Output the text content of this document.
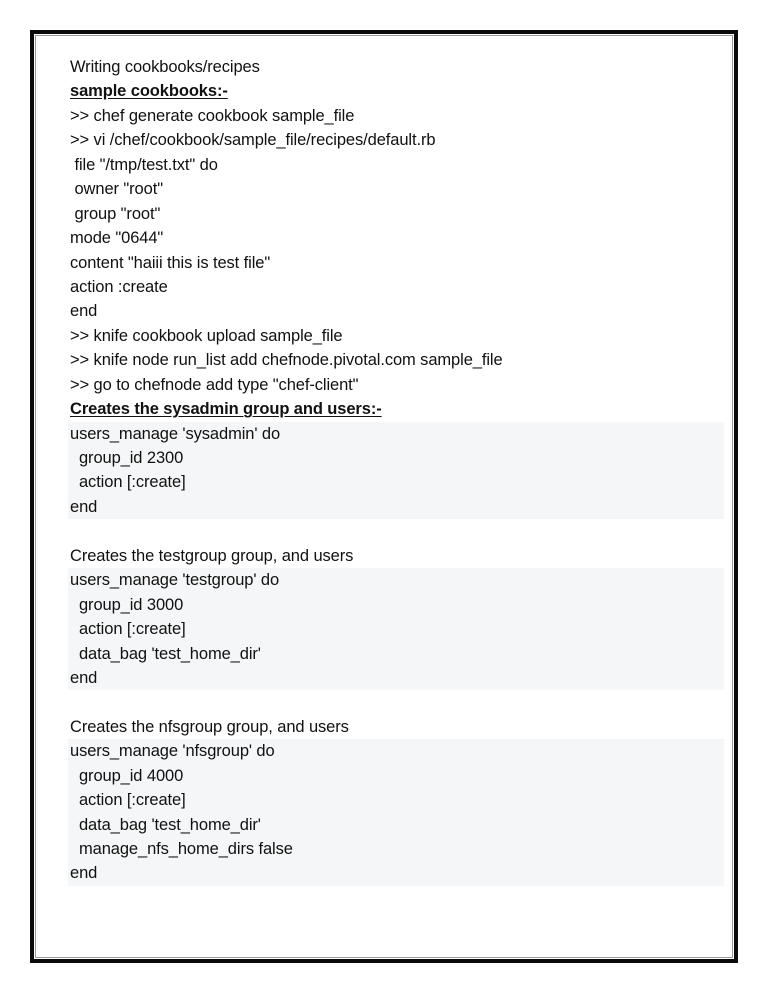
Writing cookbooks/recipes
sample cookbooks:-
>> chef generate cookbook sample_file
>> vi /chef/cookbook/sample_file/recipes/default.rb
file "/tmp/test.txt" do
owner "root"
group "root"
mode "0644"
content "haiii this is test file"
action :create
end
>> knife cookbook upload sample_file
>> knife node run_list add chefnode.pivotal.com sample_file
>> go to chefnode add type "chef-client"
Creates the sysadmin group and users:-
users_manage 'sysadmin' do
group_id 2300
action [:create]
end
Creates the testgroup group, and users
users_manage 'testgroup' do
group_id 3000
action [:create]
data_bag 'test_home_dir'
end
Creates the nfsgroup group, and users
users_manage 'nfsgroup' do
group_id 4000
action [:create]
data_bag 'test_home_dir'
manage_nfs_home_dirs false
end
